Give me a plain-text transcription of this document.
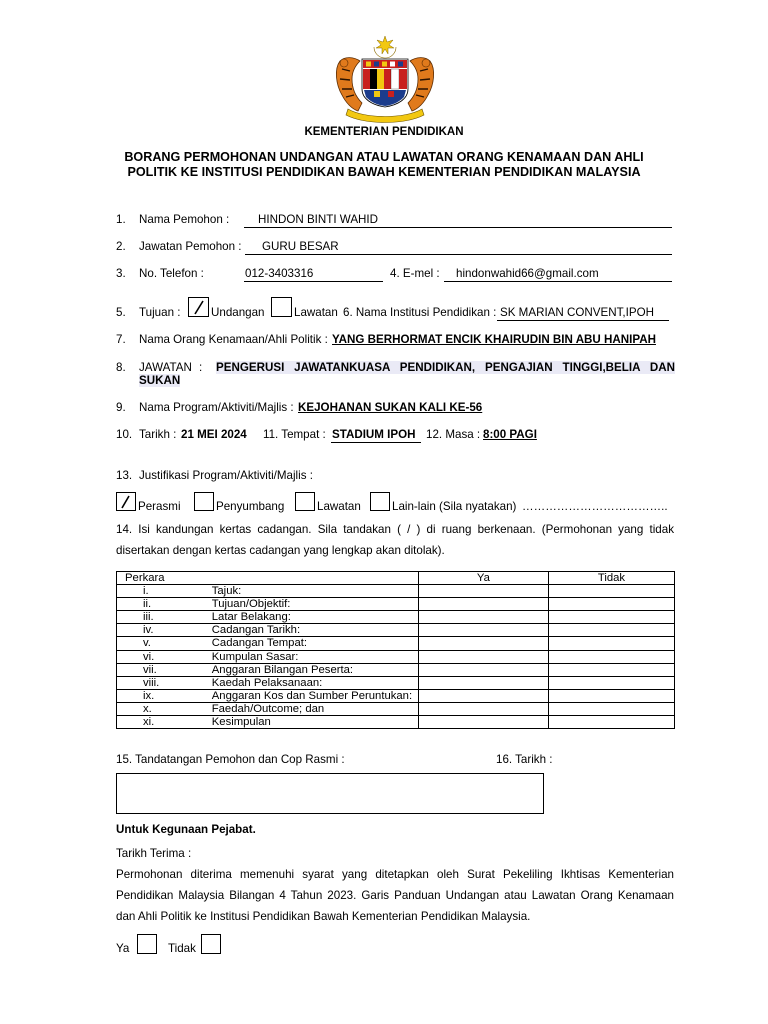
KEMENTERIAN PENDIDIKAN
BORANG PERMOHONAN UNDANGAN ATAU LAWATAN ORANG KENAMAAN DAN AHLI
POLITIK KE INSTITUSI PENDIDIKAN BAWAH KEMENTERIAN PENDIDIKAN MALAYSIA
1. Nama Pemohon : HINDON BINTI WAHID
2. Jawatan Pemohon : GURU BESAR
3. No. Telefon :	012-3403316	4. E-mel : hindonwahid66@gmail.com
5. Tujuan :	Undangan	Lawatan 6. Nama Institusi Pendidikan : SK MARIAN CONVENT,IPOH
7. Nama Orang Kenamaan/Ahli Politik : YANG BERHORMAT ENCIK KHAIRUDIN BIN ABU HANIPAH
8. JAWATAN : PENGERUSI JAWATANKUASA PENDIDIKAN, PENGAJIAN TINGGI,BELIA DAN
SUKAN
9. Nama Program/Aktiviti/Majlis : KEJOHANAN SUKAN KALI KE-56
10. Tarikh : 21 MEI 2024 11. Tempat : STADIUM IPOH 12. Masa : 8:00 PAGI
13. Justifikasi Program/Aktiviti/Majlis :
Perasmi	Penyumbang	Lawatan	Lain-lain (Sila nyatakan) ………………………………..
14. Isi kandungan kertas cadangan. Sila tandakan ( / ) di ruang berkenaan. (Permohonan yang tidak disertakan dengan kertas cadangan yang lengkap akan ditolak).
Perkara		Ya	Tidak
i.	Tajuk:		
ii.	Tujuan/Objektif:		
iii.	Latar Belakang:		
iv.	Cadangan Tarikh:		
v.	Cadangan Tempat:		
vi.	Kumpulan Sasar:		
vii.	Anggaran Bilangan Peserta:		
viii.	Kaedah Pelaksanaan:		
ix.	Anggaran Kos dan Sumber Peruntukan:		
x.	Faedah/Outcome; dan		
xi.	Kesimpulan		
15. Tandatangan Pemohon dan Cop Rasmi :	16. Tarikh :
Untuk Kegunaan Pejabat.
Tarikh Terima :
Permohonan diterima memenuhi syarat yang ditetapkan oleh Surat Pekeliling Ikhtisas Kementerian Pendidikan Malaysia Bilangan 4 Tahun 2023. Garis Panduan Undangan atau Lawatan Orang Kenamaan dan Ahli Politik ke Institusi Pendidikan Bawah Kementerian Pendidikan Malaysia.
Ya	Tidak
